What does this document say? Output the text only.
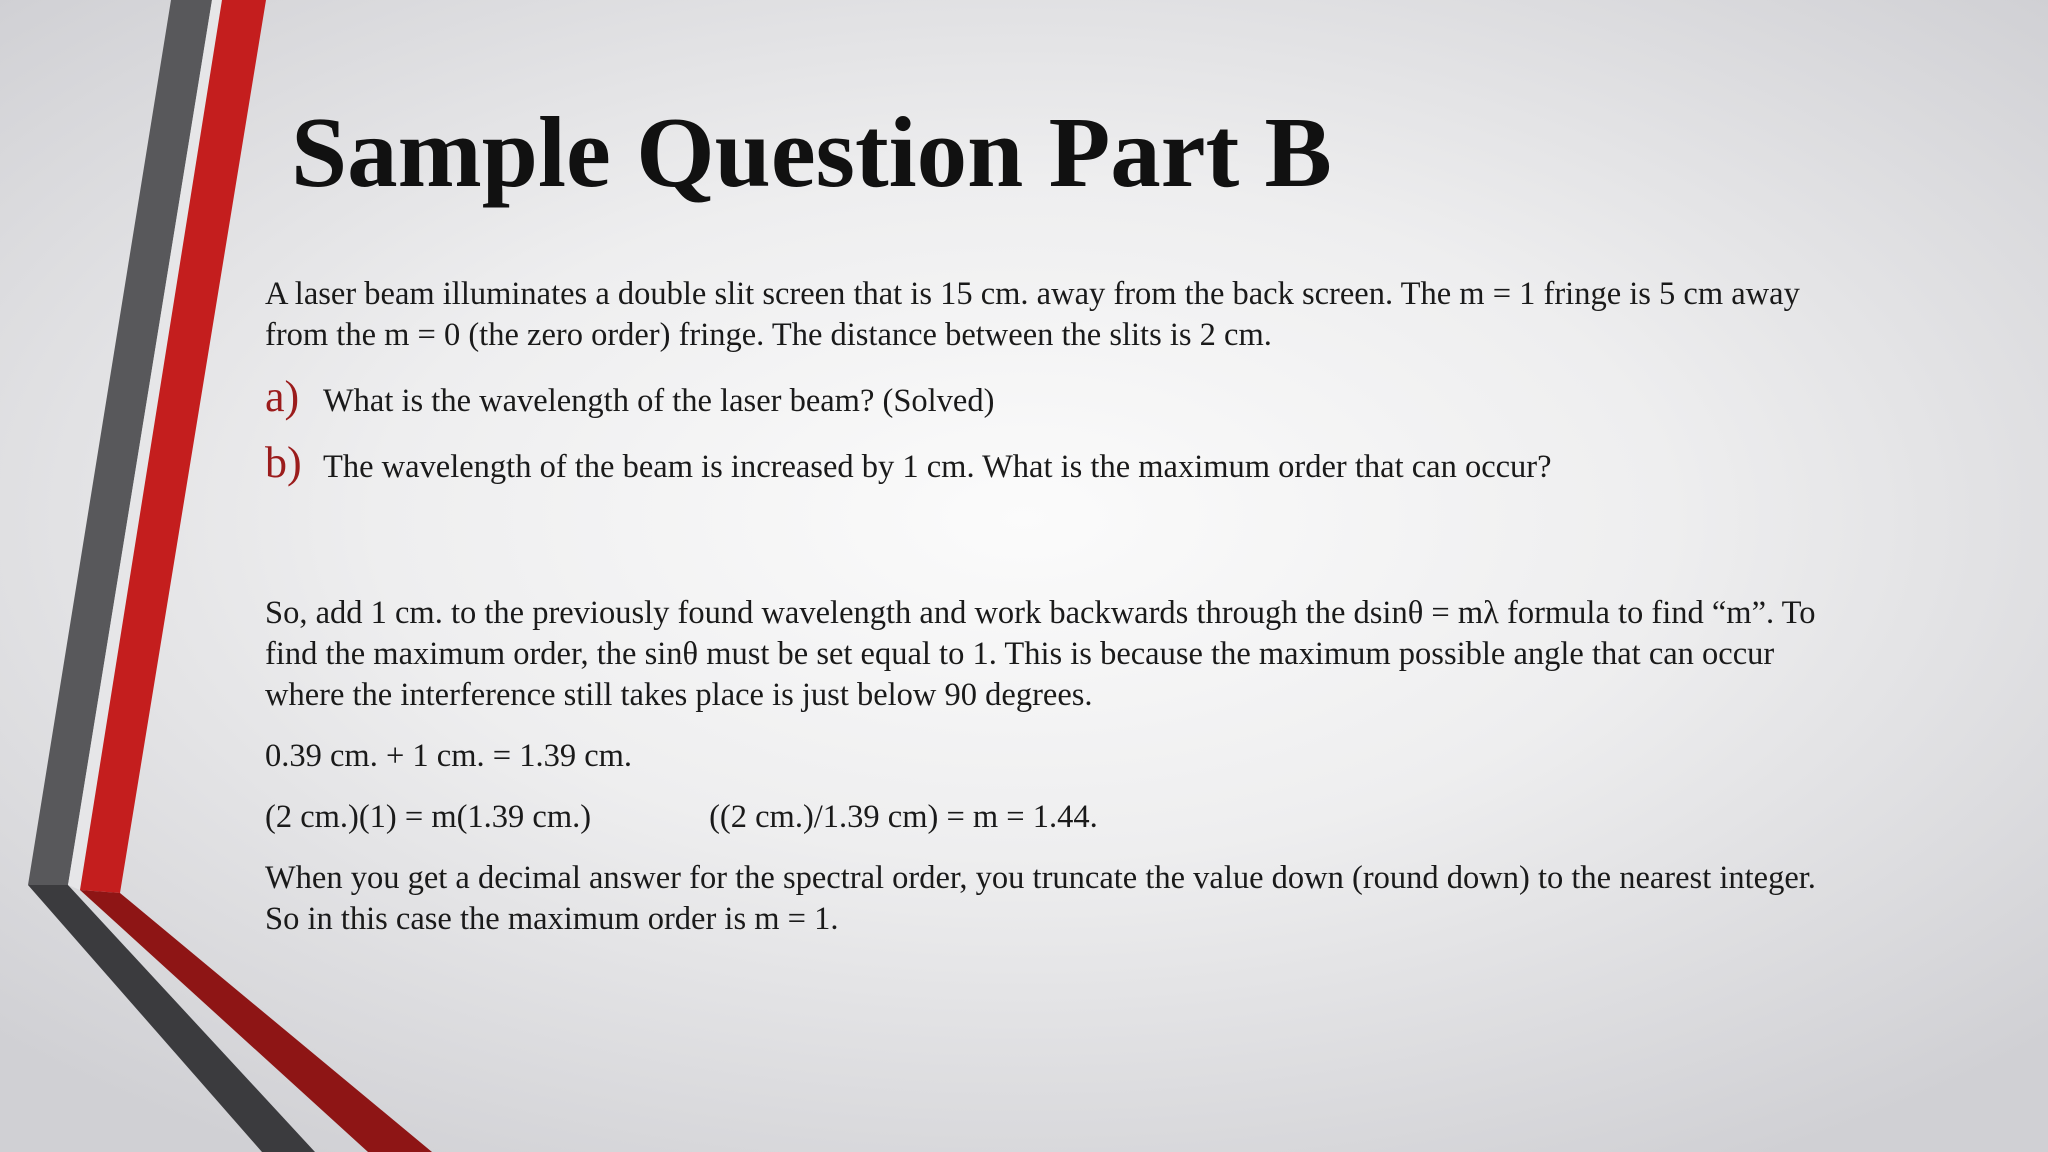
Sample Question Part B

A laser beam illuminates a double slit screen that is 15 cm. away from the back screen. The m = 1 fringe is 5 cm away
from the m = 0 (the zero order) fringe. The distance between the slits is 2 cm.

a) What is the wavelength of the laser beam? (Solved)
b) The wavelength of the beam is increased by 1 cm. What is the maximum order that can occur?

So, add 1 cm. to the previously found wavelength and work backwards through the dsinθ = mλ formula to find “m”. To
find the maximum order, the sinθ must be set equal to 1. This is because the maximum possible angle that can occur
where the interference still takes place is just below 90 degrees.

0.39 cm. + 1 cm. = 1.39 cm.

(2 cm.)(1) = m(1.39 cm.)	((2 cm.)/1.39 cm) = m = 1.44.

When you get a decimal answer for the spectral order, you truncate the value down (round down) to the nearest integer.
So in this case the maximum order is m = 1.
